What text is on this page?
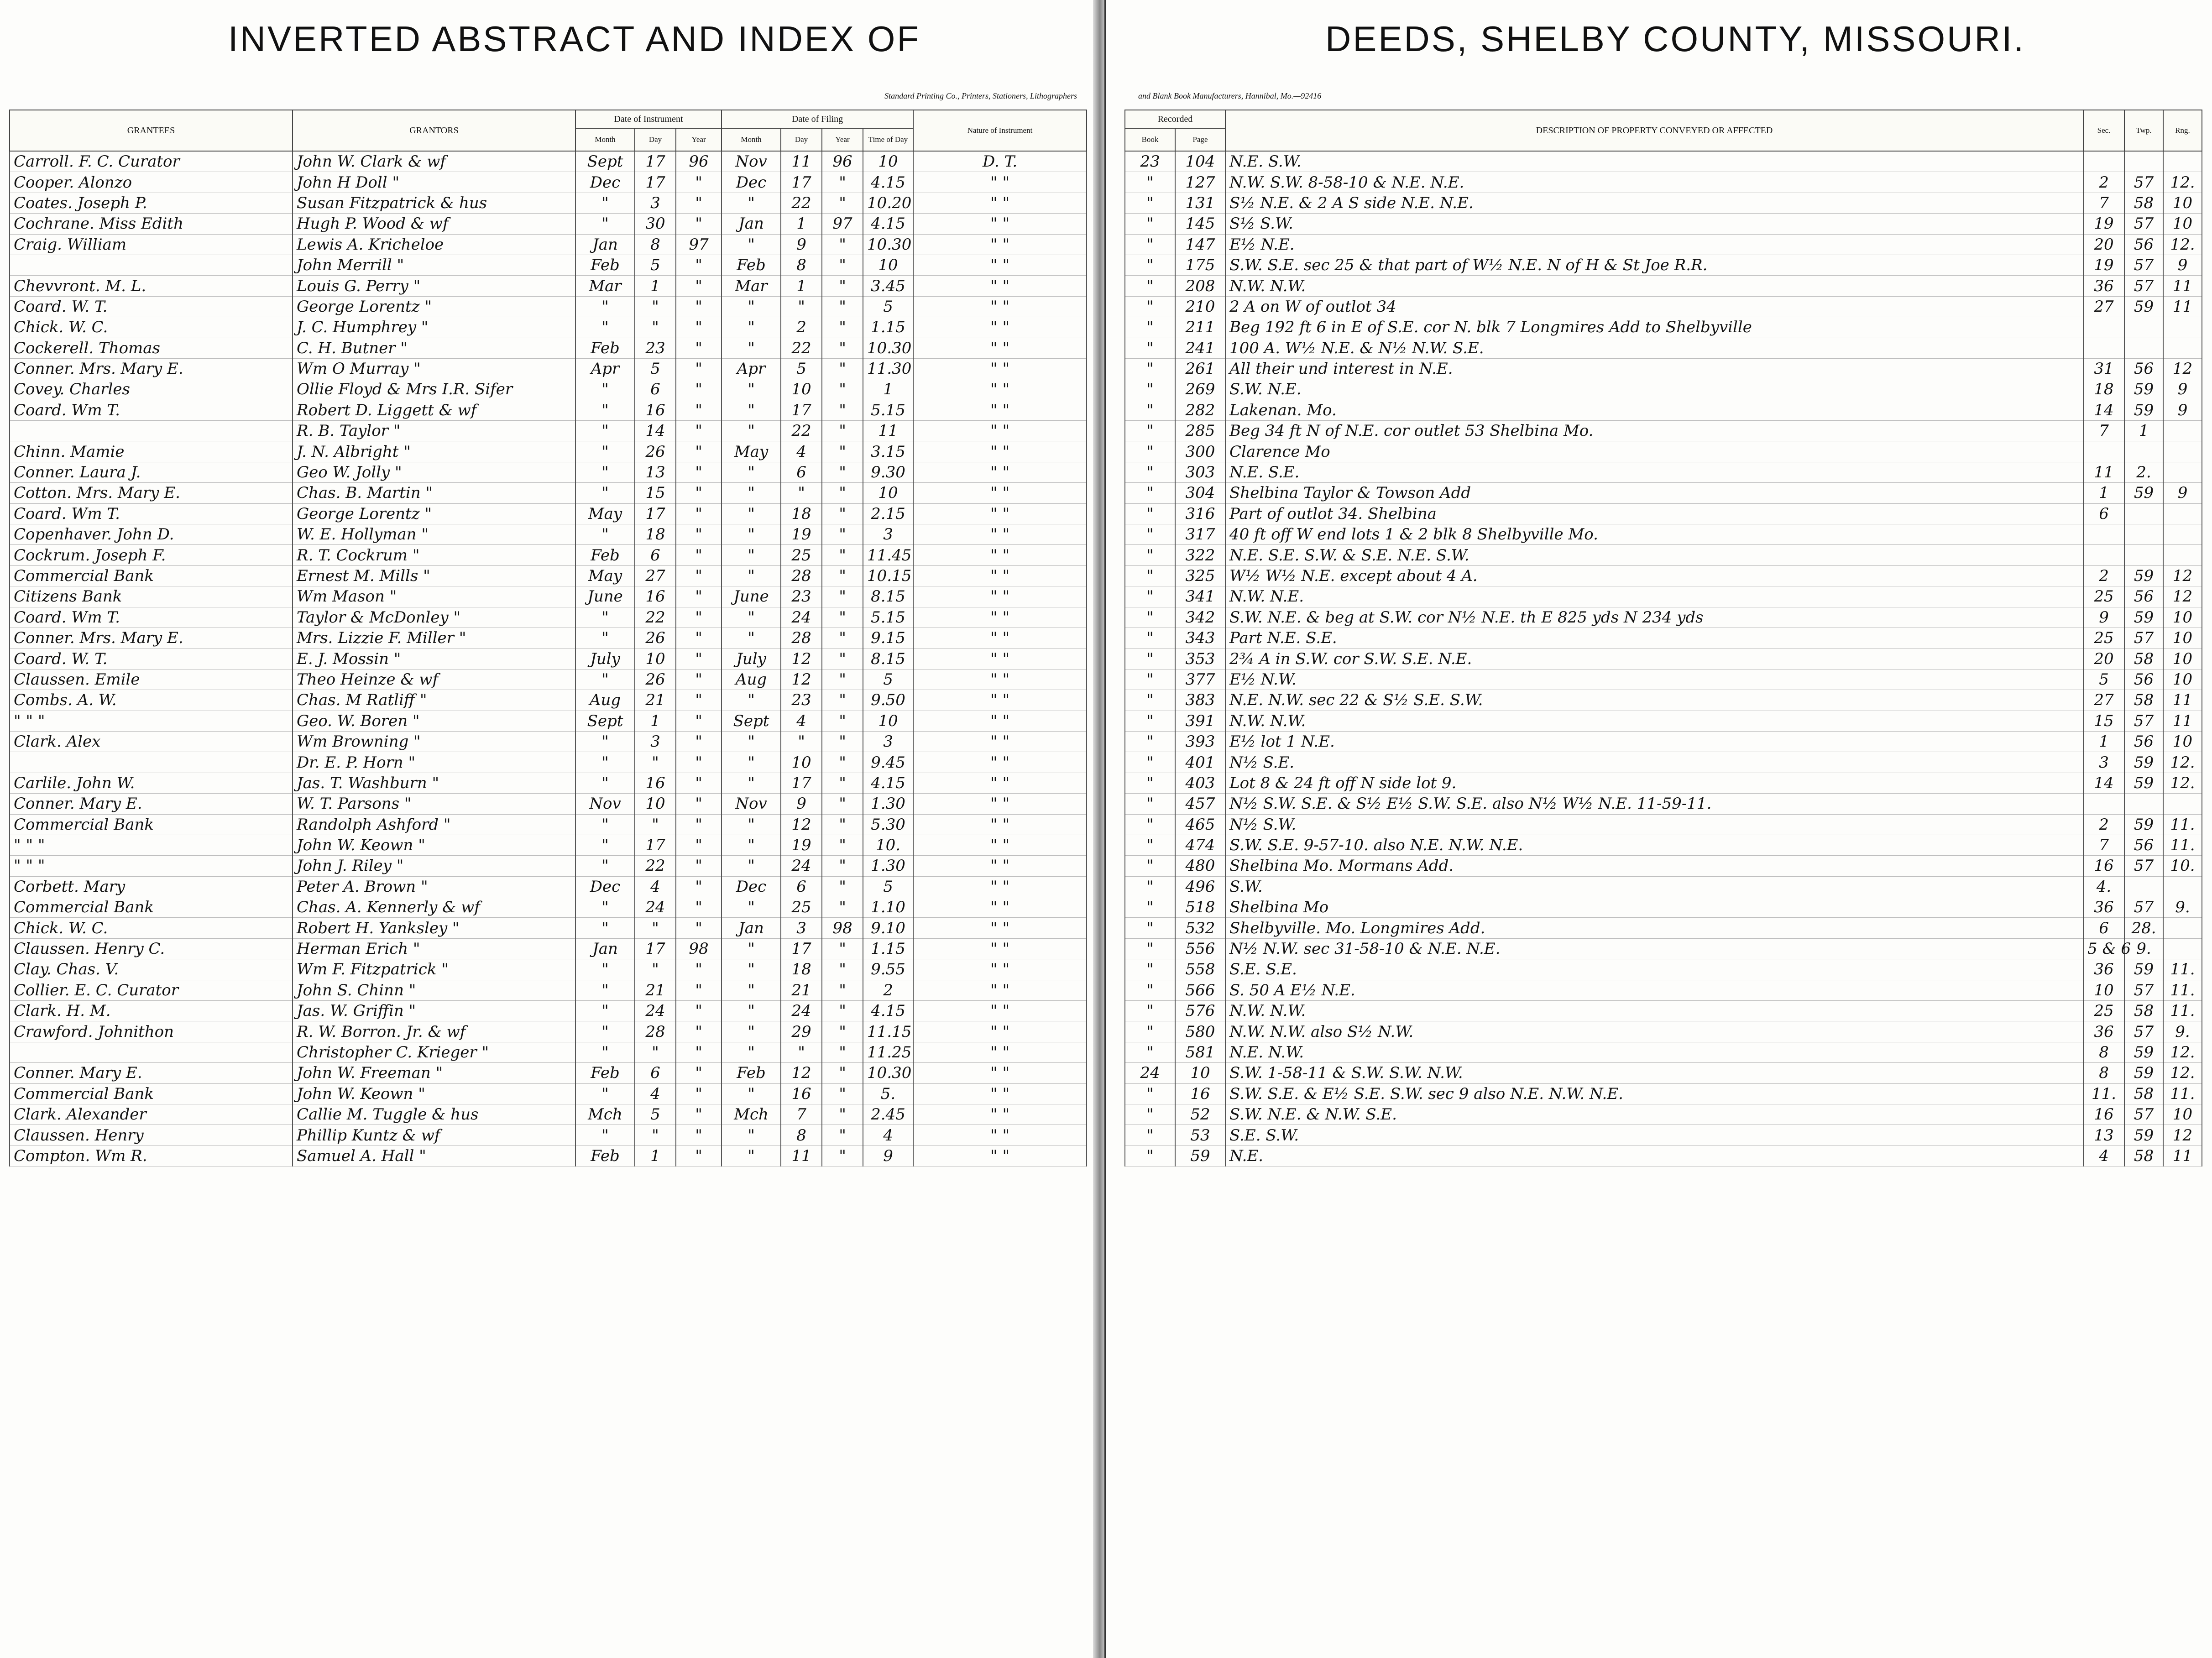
INVERTED ABSTRACT AND INDEX OF
Standard Printing Co., Printers, Stationers, Lithographers
GRANTEES	GRANTORS	Date of Instrument			Date of Filing				Nature of Instrument
		Month	Day	Year	Month	Day	Year	Time of Day	
Carroll. F. C. Curator	John W. Clark & wf	Sept	17	96	Nov	11	96	10	D. T.
Cooper. Alonzo	John H Doll "	Dec	17	"	Dec	17	"	4.15	" "
Coates. Joseph P.	Susan Fitzpatrick & hus	"	3	"	"	22	"	10.20	" "
Cochrane. Miss Edith	Hugh P. Wood & wf	"	30	"	Jan	1	97	4.15	" "
Craig. William	Lewis A. Kricheloe	Jan	8	97	"	9	"	10.30	" "
	John Merrill "	Feb	5	"	Feb	8	"	10	" "
Chevvront. M. L.	Louis G. Perry "	Mar	1	"	Mar	1	"	3.45	" "
Coard. W. T.	George Lorentz "	"	"	"	"	"	"	5	" "
Chick. W. C.	J. C. Humphrey "	"	"	"	"	2	"	1.15	" "
Cockerell. Thomas	C. H. Butner "	Feb	23	"	"	22	"	10.30	" "
Conner. Mrs. Mary E.	Wm O Murray "	Apr	5	"	Apr	5	"	11.30	" "
Covey. Charles	Ollie Floyd & Mrs I.R. Sifer	"	6	"	"	10	"	1	" "
Coard. Wm T.	Robert D. Liggett & wf	"	16	"	"	17	"	5.15	" "
	R. B. Taylor "	"	14	"	"	22	"	11	" "
Chinn. Mamie	J. N. Albright "	"	26	"	May	4	"	3.15	" "
Conner. Laura J.	Geo W. Jolly "	"	13	"	"	6	"	9.30	" "
Cotton. Mrs. Mary E.	Chas. B. Martin "	"	15	"	"	"	"	10	" "
Coard. Wm T.	George Lorentz "	May	17	"	"	18	"	2.15	" "
Copenhaver. John D.	W. E. Hollyman "	"	18	"	"	19	"	3	" "
Cockrum. Joseph F.	R. T. Cockrum "	Feb	6	"	"	25	"	11.45	" "
Commercial Bank	Ernest M. Mills "	May	27	"	"	28	"	10.15	" "
Citizens Bank	Wm Mason "	June	16	"	June	23	"	8.15	" "
Coard. Wm T.	Taylor & McDonley "	"	22	"	"	24	"	5.15	" "
Conner. Mrs. Mary E.	Mrs. Lizzie F. Miller "	"	26	"	"	28	"	9.15	" "
Coard. W. T.	E. J. Mossin "	July	10	"	July	12	"	8.15	" "
Claussen. Emile	Theo Heinze & wf	"	26	"	Aug	12	"	5	" "
Combs. A. W.	Chas. M Ratliff "	Aug	21	"	"	23	"	9.50	" "
" " "	Geo. W. Boren "	Sept	1	"	Sept	4	"	10	" "
Clark. Alex	Wm Browning "	"	3	"	"	"	"	3	" "
	Dr. E. P. Horn "	"	"	"	"	10	"	9.45	" "
Carlile. John W.	Jas. T. Washburn "	"	16	"	"	17	"	4.15	" "
Conner. Mary E.	W. T. Parsons "	Nov	10	"	Nov	9	"	1.30	" "
Commercial Bank	Randolph Ashford "	"	"	"	"	12	"	5.30	" "
" " "	John W. Keown "	"	17	"	"	19	"	10.	" "
" " "	John J. Riley "	"	22	"	"	24	"	1.30	" "
Corbett. Mary	Peter A. Brown "	Dec	4	"	Dec	6	"	5	" "
Commercial Bank	Chas. A. Kennerly & wf	"	24	"	"	25	"	1.10	" "
Chick. W. C.	Robert H. Yanksley "	"	"	"	Jan	3	98	9.10	" "
Claussen. Henry C.	Herman Erich "	Jan	17	98	"	17	"	1.15	" "
Clay. Chas. V.	Wm F. Fitzpatrick "	"	"	"	"	18	"	9.55	" "
Collier. E. C. Curator	John S. Chinn "	"	21	"	"	21	"	2	" "
Clark. H. M.	Jas. W. Griffin "	"	24	"	"	24	"	4.15	" "
Crawford. Johnithon	R. W. Borron. Jr. & wf	"	28	"	"	29	"	11.15	" "
	Christopher C. Krieger "	"	"	"	"	"	"	11.25	" "
Conner. Mary E.	John W. Freeman "	Feb	6	"	Feb	12	"	10.30	" "
Commercial Bank	John W. Keown "	"	4	"	"	16	"	5.	" "
Clark. Alexander	Callie M. Tuggle & hus	Mch	5	"	Mch	7	"	2.45	" "
Claussen. Henry	Phillip Kuntz & wf	"	"	"	"	8	"	4	" "
Compton. Wm R.	Samuel A. Hall "	Feb	1	"	"	11	"	9	" "
DEEDS, SHELBY COUNTY, MISSOURI.
and Blank Book Manufacturers, Hannibal, Mo.—92416
Recorded		DESCRIPTION OF PROPERTY CONVEYED OR AFFECTED	Sec.	Twp.	Rng.
Book	Page				
23	104	N.E. S.W.			
"	127	N.W. S.W. 8-58-10 & N.E. N.E.	2	57	12.
"	131	S½ N.E. & 2 A S side N.E. N.E.	7	58	10
"	145	S½ S.W.	19	57	10
"	147	E½ N.E.	20	56	12.
"	175	S.W. S.E. sec 25 & that part of W½ N.E. N of H & St Joe R.R.	19	57	9
"	208	N.W. N.W.	36	57	11
"	210	2 A on W of outlot 34	27	59	11
"	211	Beg 192 ft 6 in E of S.E. cor N. blk 7 Longmires Add to Shelbyville			
"	241	100 A. W½ N.E. & N½ N.W. S.E.			
"	261	All their und interest in N.E.	31	56	12
"	269	S.W. N.E.	18	59	9
"	282	Lakenan. Mo.	14	59	9
"	285	Beg 34 ft N of N.E. cor outlet 53 Shelbina Mo.	7	1	
"	300	Clarence Mo			
"	303	N.E. S.E.	11	2.	
"	304	Shelbina Taylor & Towson Add	1	59	9
"	316	Part of outlot 34. Shelbina	6		
"	317	40 ft off W end lots 1 & 2 blk 8 Shelbyville Mo.			
"	322	N.E. S.E. S.W. & S.E. N.E. S.W.			
"	325	W½ W½ N.E. except about 4 A.	2	59	12
"	341	N.W. N.E.	25	56	12
"	342	S.W. N.E. & beg at S.W. cor N½ N.E. th E 825 yds N 234 yds	9	59	10
"	343	Part N.E. S.E.	25	57	10
"	353	2¾ A in S.W. cor S.W. S.E. N.E.	20	58	10
"	377	E½ N.W.	5	56	10
"	383	N.E. N.W. sec 22 & S½ S.E. S.W.	27	58	11
"	391	N.W. N.W.	15	57	11
"	393	E½ lot 1 N.E.	1	56	10
"	401	N½ S.E.	3	59	12.
"	403	Lot 8 & 24 ft off N side lot 9.	14	59	12.
"	457	N½ S.W. S.E. & S½ E½ S.W. S.E. also N½ W½ N.E. 11-59-11.			
"	465	N½ S.W.	2	59	11.
"	474	S.W. S.E. 9-57-10. also N.E. N.W. N.E.	7	56	11.
"	480	Shelbina Mo. Mormans Add.	16	57	10.
"	496	S.W.	4.		
"	518	Shelbina Mo	36	57	9.
"	532	Shelbyville. Mo. Longmires Add.	6	28.	
"	556	N½ N.W. sec 31-58-10 & N.E. N.E.	5 & 6	9.	
"	558	S.E. S.E.	36	59	11.
"	566	S. 50 A E½ N.E.	10	57	11.
"	576	N.W. N.W.	25	58	11.
"	580	N.W. N.W. also S½ N.W.	36	57	9.
"	581	N.E. N.W.	8	59	12.
24	10	S.W. 1-58-11 & S.W. S.W. N.W.	8	59	12.
"	16	S.W. S.E. & E½ S.E. S.W. sec 9 also N.E. N.W. N.E.	11.	58	11.
"	52	S.W. N.E. & N.W. S.E.	16	57	10
"	53	S.E. S.W.	13	59	12
"	59	N.E.	4	58	11
